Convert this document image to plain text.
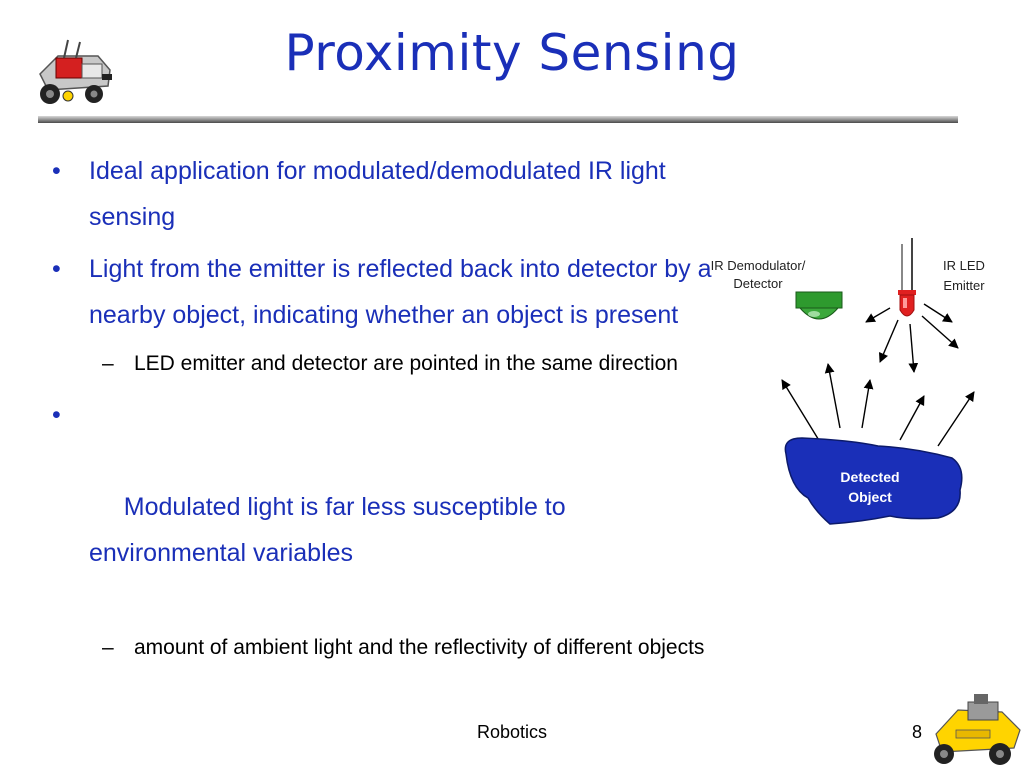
Proximity Sensing
• Ideal application for modulated/demodulated IR light sensing
• Light from the emitter is reflected back into detector by a nearby object, indicating whether an object is present
– LED emitter and detector are pointed in the same direction

•

Modulated light is far less susceptible to environmental variables

– amount of ambient light and the reflectivity of different objects
IR Demodulator/
Detector
IR LED
Emitter
Detected
Object
Robotics	8
